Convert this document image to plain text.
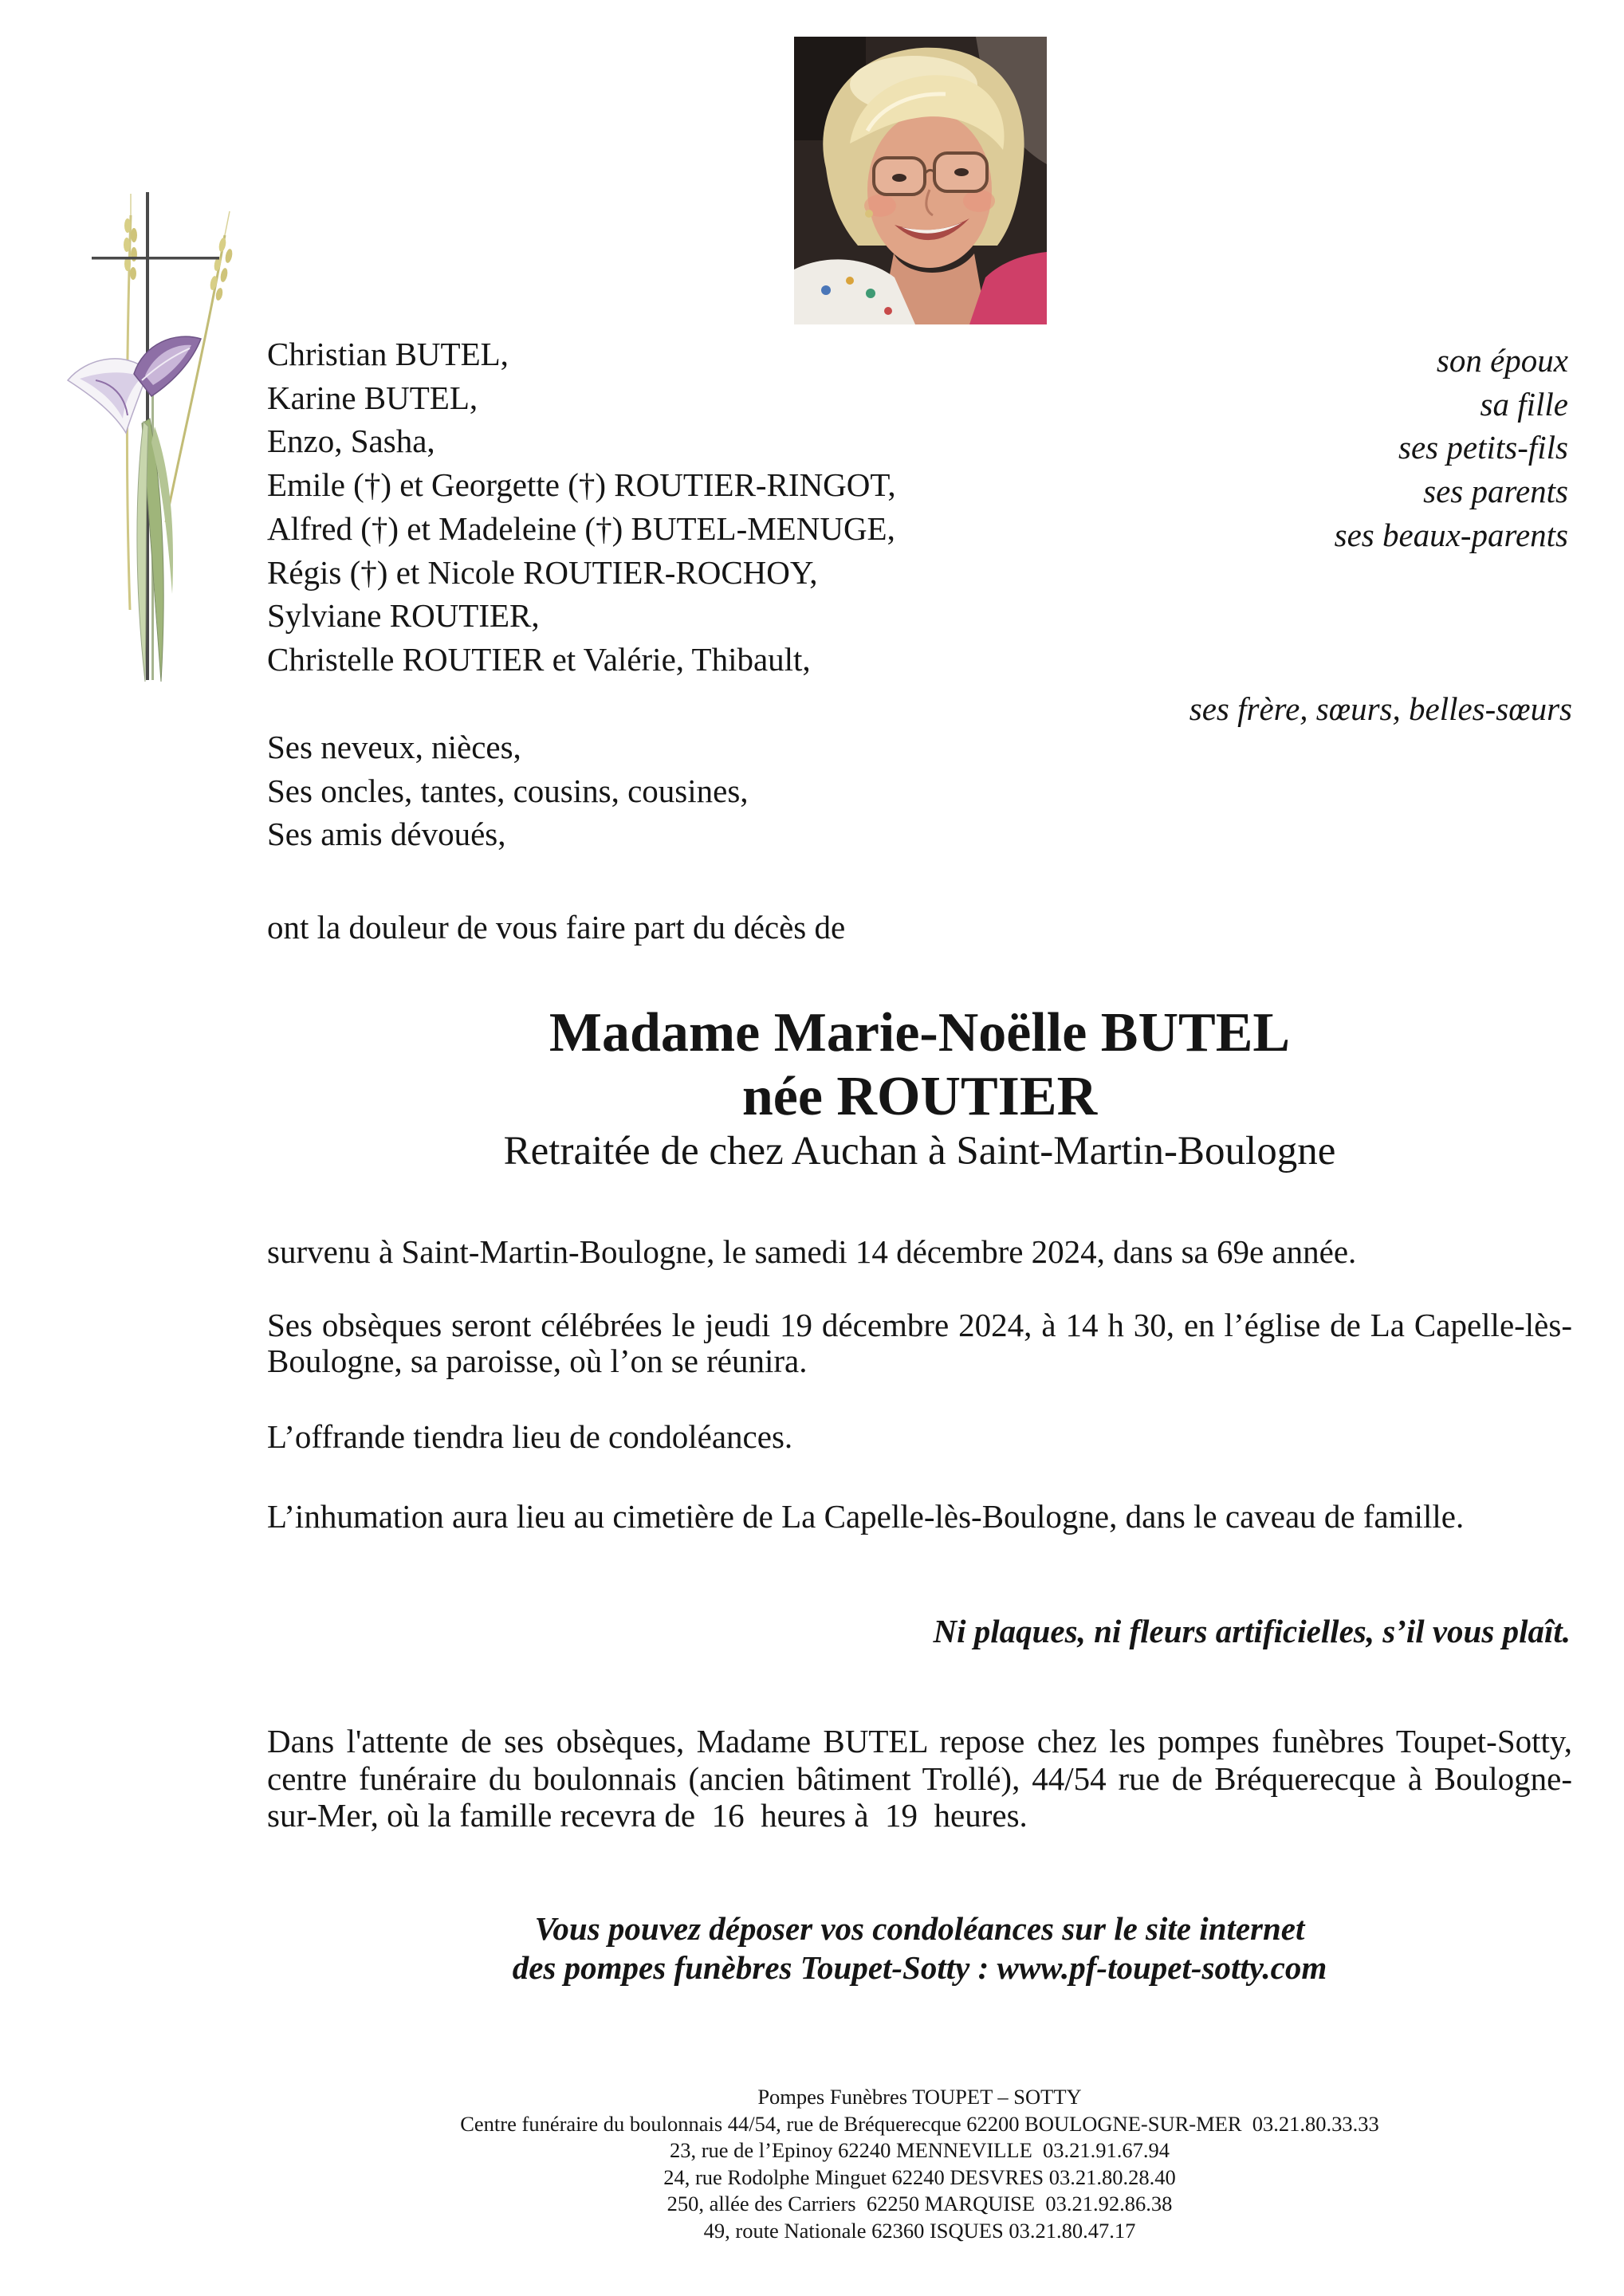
Christian BUTEL,
Karine BUTEL,
Enzo, Sasha,
Emile (†) et Georgette (†) ROUTIER-RINGOT,
Alfred (†) et Madeleine (†) BUTEL-MENUGE,
Régis (†) et Nicole ROUTIER-ROCHOY,
Sylviane ROUTIER,
Christelle ROUTIER et Valérie, Thibault,
son époux
sa fille
ses petits-fils
ses parents
ses beaux-parents
ses frère, sœurs, belles-sœurs
Ses neveux, nièces,
Ses oncles, tantes, cousins, cousines,
Ses amis dévoués,
ont la douleur de vous faire part du décès de
Madame Marie-Noëlle BUTEL
née ROUTIER
Retraitée de chez Auchan à Saint-Martin-Boulogne
survenu à Saint-Martin-Boulogne, le samedi 14 décembre 2024, dans sa 69e année.
Ses obsèques seront célébrées le jeudi 19 décembre 2024, à 14 h 30, en l’église de La Capelle-lès-
Boulogne, sa paroisse, où l’on se réunira.
L’offrande tiendra lieu de condoléances.
L’inhumation aura lieu au cimetière de La Capelle-lès-Boulogne, dans le caveau de famille.
Ni plaques, ni fleurs artificielles, s’il vous plaît.
Dans l'attente de ses obsèques, Madame BUTEL repose chez les pompes funèbres Toupet-Sotty,
centre funéraire du boulonnais (ancien bâtiment Trollé), 44/54 rue de Bréquerecque à Boulogne-
sur-Mer, où la famille recevra de  16  heures à  19  heures.
Vous pouvez déposer vos condoléances sur le site internet
des pompes funèbres Toupet-Sotty : www.pf-toupet-sotty.com
Pompes Funèbres TOUPET – SOTTY
Centre funéraire du boulonnais 44/54, rue de Bréquerecque 62200 BOULOGNE-SUR-MER  03.21.80.33.33
23, rue de l’Epinoy 62240 MENNEVILLE  03.21.91.67.94
24, rue Rodolphe Minguet 62240 DESVRES 03.21.80.28.40
250, allée des Carriers  62250 MARQUISE  03.21.92.86.38
49, route Nationale 62360 ISQUES 03.21.80.47.17
